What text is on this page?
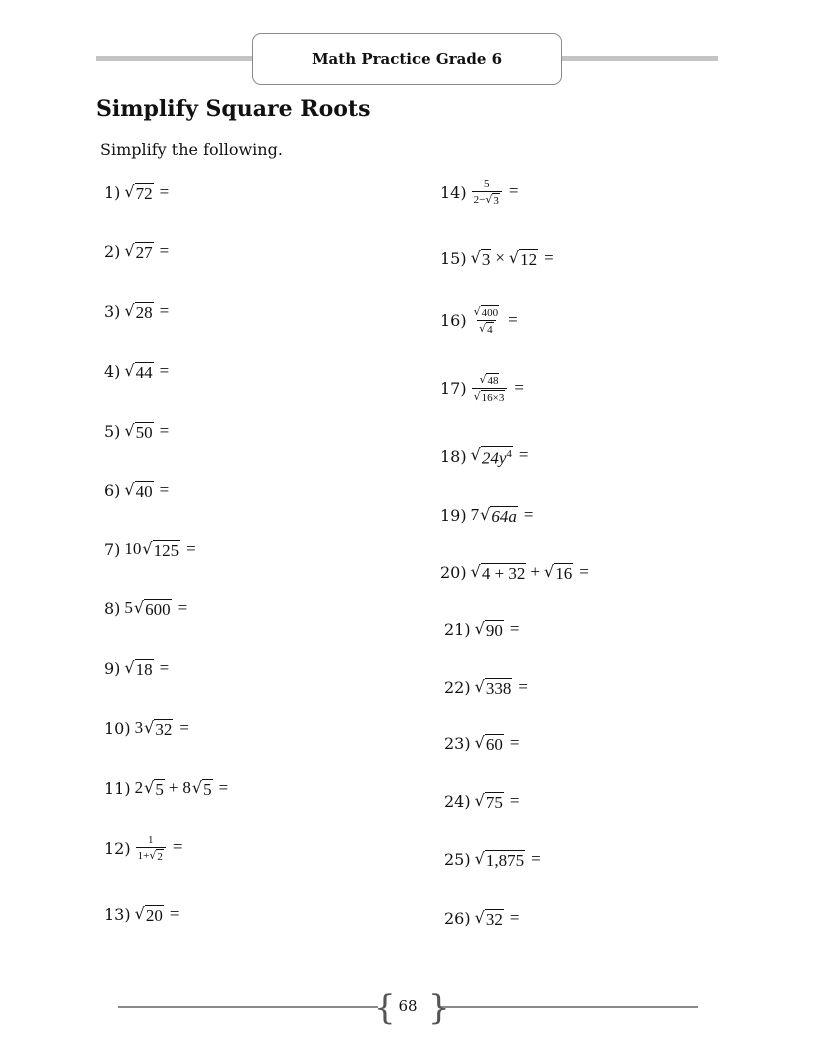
Math Practice Grade 6
Simplify Square Roots
Simplify the following.
1) √ 72 =
2) √ 27 =
3) √ 28 =
4) √ 44 =
5) √ 50 =
6) √ 40 =
7) 10 √ 125 =
8) 5 √ 600 =
9) √ 18 =
10) 3 √ 32 =
11) 2 √ 5 + 8 √ 5 =
$12) \frac{1}{1+ √ 2}$ =
13) √ 20 =
$14) \frac{5}{2- √ 3}$ =
15) √ 3 × √ 12 =
$16) \frac{√ 400}{√ 4}$ =
$17) \frac{√ 48}{√ 16\times 3}$ =
18) √ $24y^4$ =
19) 7 √ 64a =
20) √ 4 + 32 + √ 16 =
21) √ 90 =
22) √ 338 =
23) √ 60 =
24) √ 75 =
25) √ 1,875 =
26) √ 32 =
{ }
68
